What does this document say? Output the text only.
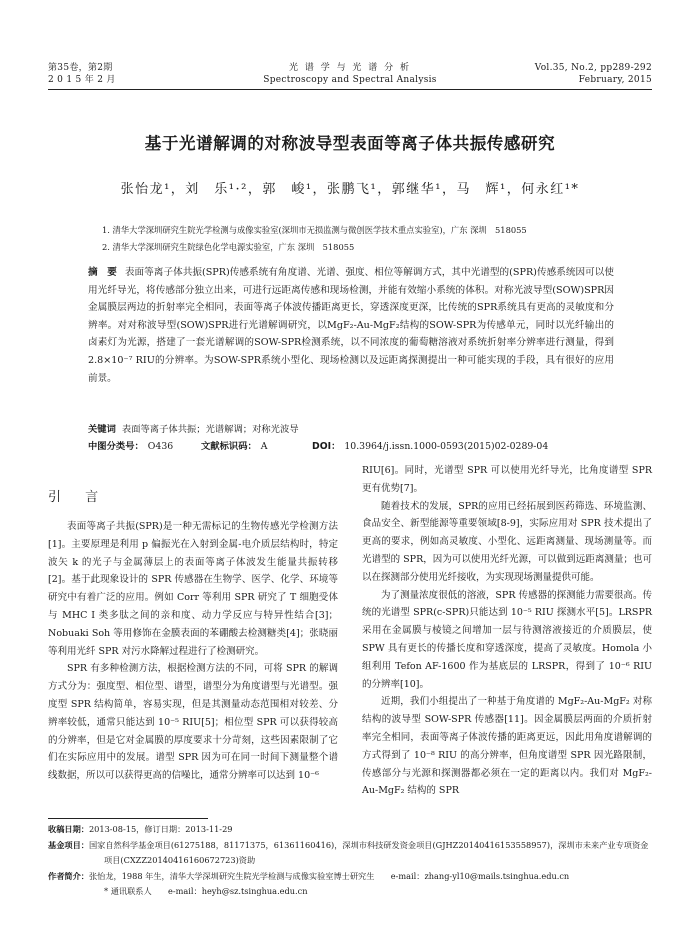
第35卷，第2期
2 0 1 5 年 2 月
光 谱 学 与 光 谱 分 析
Spectroscopy and Spectral Analysis
Vol.35, No.2, pp289-292
February, 2015
基于光谱解调的对称波导型表面等离子体共振传感研究
张怡龙¹，刘　乐¹·²，郭　峻¹，张鹏飞¹，郭继华¹，马　辉¹，何永红¹*
1. 清华大学深圳研究生院光学检测与成像实验室(深圳市无损监测与微创医学技术重点实验室)，广东 深圳　518055
2. 清华大学深圳研究生院绿色化学电源实验室，广东 深圳　518055
摘　要 表面等离子体共振(SPR)传感系统有角度谱、光谱、强度、相位等解调方式，其中光谱型的(SPR)传感系统因可以使用光纤导光，将传感部分独立出来，可进行远距离传感和现场检测，并能有效缩小系统的体积。对称光波导型(SOW)SPR因金属膜层两边的折射率完全相同，表面等离子体波传播距离更长，穿透深度更深，比传统的SPR系统具有更高的灵敏度和分辨率。对对称波导型(SOW)SPR进行光谱解调研究，以MgF₂-Au-MgF₂结构的SOW-SPR为传感单元，同时以光纤输出的卤素灯为光源，搭建了一套光谱解调的SOW-SPR检测系统，以不同浓度的葡萄糖溶液对系统折射率分辨率进行测量，得到2.8×10⁻⁷ RIU的分辨率。为SOW-SPR系统小型化、现场检测以及远距离探测提出一种可能实现的手段，具有很好的应用前景。
关键词 表面等离子体共振；光谱解调；对称光波导
中图分类号： O436	文献标识码： A	DOI： 10.3964/j.issn.1000-0593(2015)02-0289-04
引 言

表面等离子共振(SPR)是一种无需标记的生物传感光学检测方法[1]。主要原理是利用 p 偏振光在入射到金属-电介质层结构时，特定波矢 k 的光子与金属薄层上的表面等离子体波发生能量共振转移[2]。基于此现象设计的 SPR 传感器在生物学、医学、化学、环境等研究中有着广泛的应用。例如 Corr 等利用 SPR 研究了 T 细胞受体与 MHC I 类多肽之间的亲和度、动力学反应与特异性结合[3]；Nobuaki Soh 等用修饰在金膜表面的苯硼酸去检测糖类[4]；张晓丽等利用光纤 SPR 对污水降解过程进行了检测研究。

SPR 有多种检测方法，根据检测方法的不同，可将 SPR 的解调方式分为：强度型、相位型、谱型，谱型分为角度谱型与光谱型。强度型 SPR 结构简单，容易实现，但是其测量动态范围相对较差、分辨率较低，通常只能达到 10⁻⁵ RIU[5]；相位型 SPR 可以获得较高的分辨率，但是它对金属膜的厚度要求十分苛刻，这些因素限制了它们在实际应用中的发展。谱型 SPR 因为可在同一时间下测量整个谱线数据，所以可以获得更高的信噪比，通常分辨率可以达到 10⁻⁶

RIU[6]。同时，光谱型 SPR 可以使用光纤导光，比角度谱型 SPR 更有优势[7]。

随着技术的发展，SPR的应用已经拓展到医药筛选、环境监测、食品安全、新型能源等重要领域[8-9]，实际应用对 SPR 技术提出了更高的要求，例如高灵敏度、小型化、远距离测量、现场测量等。而光谱型的 SPR，因为可以使用光纤光源，可以做到远距离测量；也可以在探测部分使用光纤接收，为实现现场测量提供可能。

为了测量浓度很低的溶液，SPR 传感器的探测能力需要很高。传统的光谱型 SPR(c-SPR)只能达到 10⁻⁵ RIU 探测水平[5]。LRSPR 采用在金属膜与棱镜之间增加一层与待测溶液接近的介质膜层，使 SPW 具有更长的传播长度和穿透深度，提高了灵敏度。Homola 小组利用 Tefon AF-1600 作为基底层的 LRSPR，得到了 10⁻⁶ RIU 的分辨率[10]。

近期，我们小组提出了一种基于角度谱的 MgF₂-Au-MgF₂ 对称结构的波导型 SOW-SPR 传感器[11]。因金属膜层两面的介质折射率完全相同，表面等离子体波传播的距离更远，因此用角度谱解调的方式得到了 10⁻⁸ RIU 的高分辨率，但角度谱型 SPR 因光路限制，传感部分与光源和探测器都必须在一定的距离以内。我们对 MgF₂-Au-MgF₂ 结构的 SPR

收稿日期：2013-08-15，修订日期：2013-11-29
基金项目：国家自然科学基金项目(61275188，81171375，61361160416)，深圳市科技研发资金项目(GJHZ20140416153558957)，深圳市未来产业专项资金项目(CXZZ20140416160672723)资助
作者简介：张怡龙，1988 年生，清华大学深圳研究生院光学检测与成像实验室博士研究生　　e-mail：zhang-yl10@mails.tsinghua.edu.cn
* 通讯联系人　　e-mail：heyh@sz.tsinghua.edu.cn
